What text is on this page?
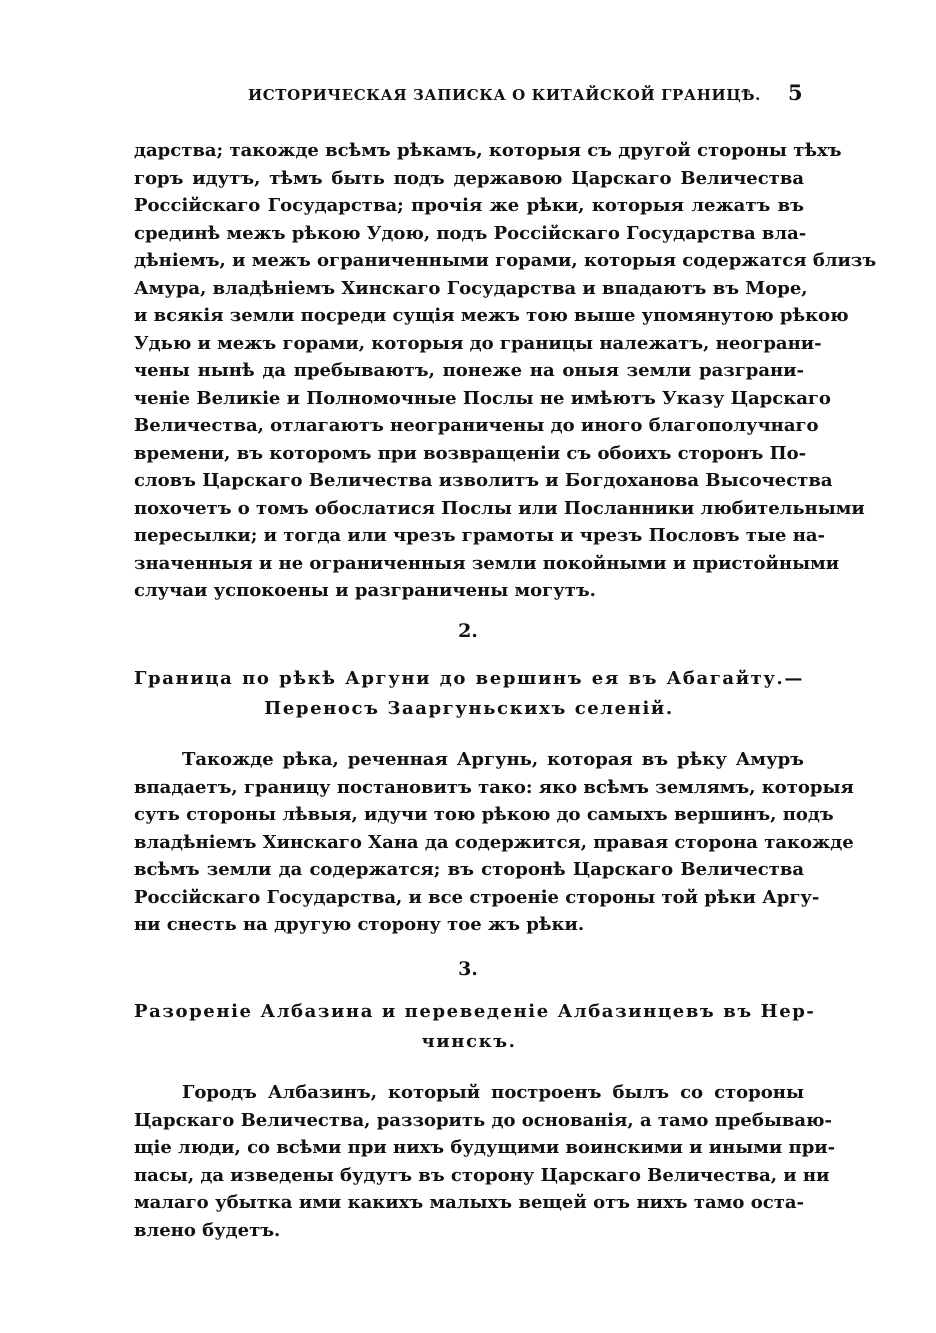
ИСТОРИЧЕСКАЯ ЗАПИСКА О КИТАЙСКОЙ ГРАНИЦѢ. 5
дарства; такожде всѣмъ рѣкамъ, которыя съ другой стороны тѣхъ
горъ идутъ, тѣмъ быть подъ державою Царскаго Величества
Россійскаго Государства; прочія же рѣки, которыя лежатъ въ
срединѣ межъ рѣкою Удою, подъ Россійскаго Государства вла-
дѣніемъ, и межъ ограниченными горами, которыя содержатся близъ
Амура, владѣніемъ Хинскаго Государства и впадаютъ въ Море,
и всякія земли посреди сущія межъ тою выше упомянутою рѣкою
Удью и межъ горами, которыя до границы належатъ, неограни-
чены нынѣ да пребываютъ, понеже на оныя земли разграни-
ченіе Великіе и Полномочные Послы не имѣютъ Указу Царскаго
Величества, отлагаютъ неограничены до иного благополучнаго
времени, въ которомъ при возвращеніи съ обоихъ сторонъ По-
словъ Царскаго Величества изволитъ и Богдоханова Высочества
похочетъ о томъ обослатися Послы или Посланники любительными
пересылки; и тогда или чрезъ грамоты и чрезъ Пословъ тые на-
значенныя и не ограниченныя земли покойными и пристойными
случаи успокоены и разграничены могутъ.
2.
Граница по рѣкѣ Аргуни до вершинъ ея въ Абагайту.—
Переносъ Зааргуньскихъ селеній.
Такожде рѣка, реченная Аргунь, которая въ рѣку Амуръ
впадаетъ, границу постановитъ тако: яко всѣмъ землямъ, которыя
суть стороны лѣвыя, идучи тою рѣкою до самыхъ вершинъ, подъ
владѣніемъ Хинскаго Хана да содержится, правая сторона такожде
всѣмъ земли да содержатся; въ сторонѣ Царскаго Величества
Россійскаго Государства, и все строеніе стороны той рѣки Аргу-
ни снесть на другую сторону тое жъ рѣки.
3.
Разореніе Албазина и переведеніе Албазинцевъ въ Нер-
чинскъ.
Городъ Албазинъ, который построенъ былъ со стороны
Царскаго Величества, раззорить до основанія, а тамо пребываю-
щіе люди, со всѣми при нихъ будущими воинскими и иными при-
пасы, да изведены будутъ въ сторону Царскаго Величества, и ни
малаго убытка ими какихъ малыхъ вещей отъ нихъ тамо оста-
влено будетъ.
